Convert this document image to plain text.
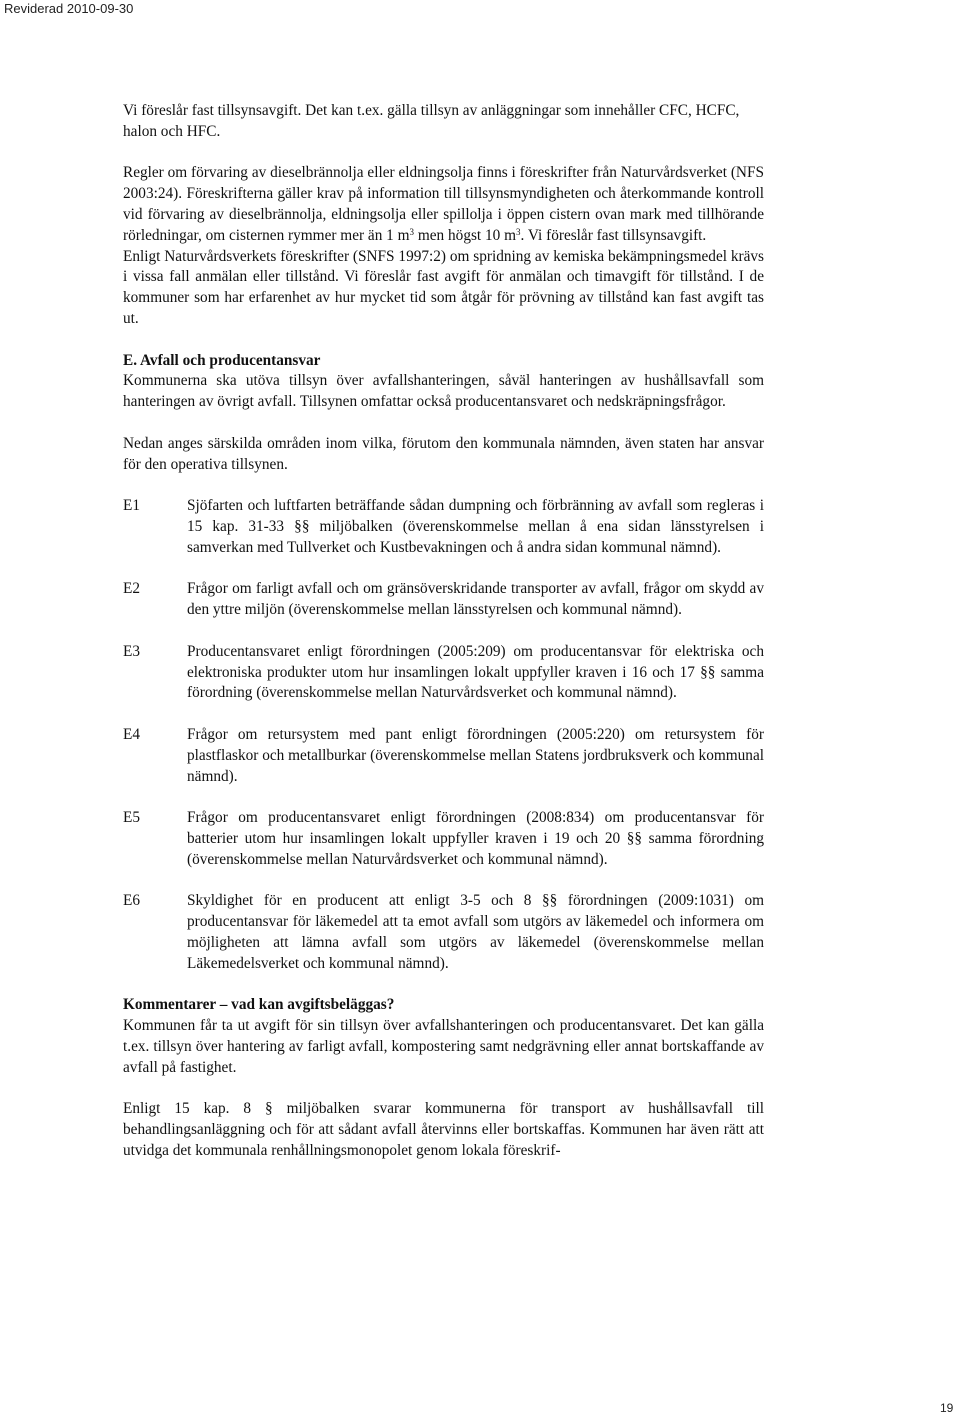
Reviderad 2010-09-30

Vi föreslår fast tillsynsavgift. Det kan t.ex. gälla tillsyn av anläggningar som innehåller CFC, HCFC, halon och HFC.

Regler om förvaring av dieselbrännolja eller eldningsolja finns i föreskrifter från Naturvårdsverket (NFS 2003:24). Föreskrifterna gäller krav på information till tillsynsmyndigheten och återkommande kontroll vid förvaring av dieselbrännolja, eldningsolja eller spillolja i öppen cistern ovan mark med tillhörande rörledningar, om cisternen rymmer mer än 1 $m^3$ men högst 10 $m^3$. Vi föreslår fast tillsynsavgift.

Enligt Naturvårdsverkets föreskrifter (SNFS 1997:2) om spridning av kemiska bekämpningsmedel krävs i vissa fall anmälan eller tillstånd. Vi föreslår fast avgift för anmälan och timavgift för tillstånd. I de kommuner som har erfarenhet av hur mycket tid som åtgår för prövning av tillstånd kan fast avgift tas ut.

E. Avfall och producentansvar

Kommunerna ska utöva tillsyn över avfallshanteringen, såväl hanteringen av hushållsavfall som hanteringen av övrigt avfall. Tillsynen omfattar också producentansvaret och nedskräpningsfrågor.

Nedan anges särskilda områden inom vilka, förutom den kommunala nämnden, även staten har ansvar för den operativa tillsynen.

E1	Sjöfarten och luftfarten beträffande sådan dumpning och förbränning av avfall som regleras i 15 kap. 31-33 §§ miljöbalken (överenskommelse mellan å ena sidan länsstyrelsen i samverkan med Tullverket och Kustbevakningen och å andra sidan kommunal nämnd).
E2	Frågor om farligt avfall och om gränsöverskridande transporter av avfall, frågor om skydd av den yttre miljön (överenskommelse mellan länsstyrelsen och kommunal nämnd).
E3	Producentansvaret enligt förordningen (2005:209) om producentansvar för elektriska och elektroniska produkter utom hur insamlingen lokalt uppfyller kraven i 16 och 17 §§ samma förordning (överenskommelse mellan Naturvårdsverket och kommunal nämnd).
E4	Frågor om retursystem med pant enligt förordningen (2005:220) om retursystem för plastflaskor och metallburkar (överenskommelse mellan Statens jordbruksverk och kommunal nämnd).
E5	Frågor om producentansvaret enligt förordningen (2008:834) om producentansvar för batterier utom hur insamlingen lokalt uppfyller kraven i 19 och 20 §§ samma förordning (överenskommelse mellan Naturvårdsverket och kommunal nämnd).
E6	Skyldighet för en producent att enligt 3-5 och 8 §§ förordningen (2009:1031) om producentansvar för läkemedel att ta emot avfall som utgörs av läkemedel och informera om möjligheten att lämna avfall som utgörs av läkemedel (överenskommelse mellan Läkemedelsverket och kommunal nämnd).

Kommentarer – vad kan avgiftsbeläggas?

Kommunen får ta ut avgift för sin tillsyn över avfallshanteringen och producentansvaret. Det kan gälla t.ex. tillsyn över hantering av farligt avfall, kompostering samt nedgrävning eller annat bortskaffande av avfall på fastighet.

Enligt 15 kap. 8 § miljöbalken svarar kommunerna för transport av hushållsavfall till behandlingsanläggning och för att sådant avfall återvinns eller bortskaffas. Kommunen har även rätt att utvidga det kommunala renhållningsmonopolet genom lokala föreskrif-

19
